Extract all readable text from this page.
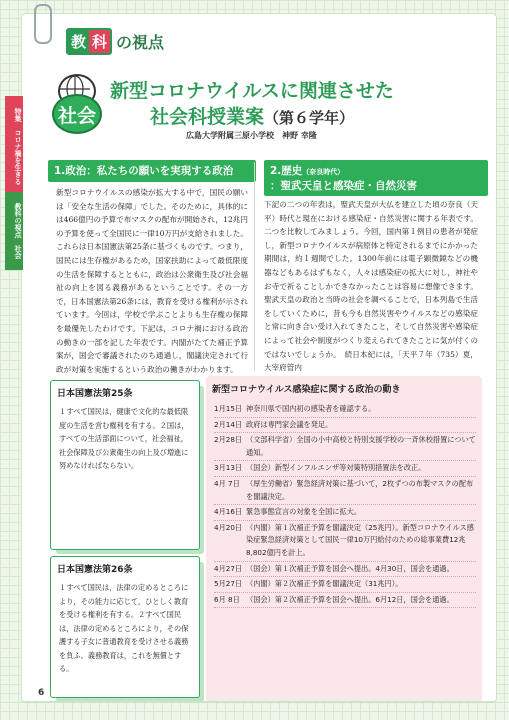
特集　コロナ禍を生きる
教科の視点　社会
教 科 の視点
社会
新型コロナウイルスに関連させた
社会科授業案（第６学年）
広島大学附属三原小学校　神野 幸隆
1.政治：私たちの願いを実現する政治	2.歴史（奈良時代）
：聖武天皇と感染症・自然災害
新型コロナウイルスの感染が拡大する中で，国民の願いは「安全な生活の保障」でした。そのために，具体的には466億円の予算で布マスクの配布が開始され，12兆円の予算を使って全国民に一律10万円が支給されました。これらは日本国憲法第25条に基づくものです。つまり，国民には生存権があるため，国家扶助によって最低限度の生活を保障するとともに，政治は公衆衛生及び社会福祉の向上を図る義務があるということです。その一方で，日本国憲法第26条には，教育を受ける権利が示されています。今回は，学校で学ぶことよりも生存権の保障を最優先したわけです。下記は，コロナ禍における政治の動きの一部を記した年表です。内閣がたてた補正予算案が，国会で審議されたのち通過し，閣議決定されて行政が対策を実施するという政治の働きがわかります。
下記の二つの年表は，聖武天皇が大仏を建立した頃の奈良（天平）時代と現在における感染症・自然災害に関する年表です。二つを比較してみましょう。今回，国内第１例目の患者が発症し，新型コロナウイルスが病原体と特定されるまでにかかった期間は，約１週間でした。1300年前には電子顕微鏡などの機器などもあるはずもなく，人々は感染症の拡大に対し，神社やお寺で祈ることしかできなかったことは容易に想像できます。聖武天皇の政治と当時の社会を調べることで，日本列島で生活をしていくために，昔も今も自然災害やウイルスなどの感染症と常に向き合い受け入れてきたこと，そして自然災害や感染症によって社会や制度がつくり変えられてきたことに気が付くのではないでしょうか。　続日本紀には，「天平７年（735）夏，大宰府管内
日本国憲法第25条
１すべて国民は，健康で文化的な最低限度の生活を営む権利を有する。２国は，すべての生活部面について，社会福祉，社会保障及び公衆衛生の向上及び増進に努めなければならない。
日本国憲法第26条
１すべて国民は，法律の定めるところにより，その能力に応じて，ひとしく教育を受ける権利を有する。２すべて国民は，法律の定めるところにより，その保護する子女に普通教育を受けさせる義務を負ふ。義務教育は，これを無償とする。
新型コロナウイルス感染症に関する政治の動き
1月15日 神奈川県で国内初の感染者を確認する。
2月14日 政府は専門家会議を発足。
2月28日 （文部科学省）全国の小中高校と特別支援学校の一斉休校措置について通知。
3月13日 （国会）新型インフルエンザ等対策特別措置法を改正。
4月 7日 （厚生労働省）緊急経済対策に基づいて，2枚ずつの布製マスクの配布を閣議決定。
4月16日 緊急事態宣言の対象を全国に拡大。
4月20日 （内閣）第１次補正予算を閣議決定（25兆円）。新型コロナウイルス感染症緊急経済対策として国民一律10万円給付のための総事業費12兆8,802億円を計上。
4月27日 （国会）第１次補正予算を国会へ提出。4月30日，国会を通過。
5月27日 （内閣）第２次補正予算を閣議決定（31兆円）。
6月 8日 （国会）第２次補正予算を国会へ提出。6月12日，国会を通過。
6
